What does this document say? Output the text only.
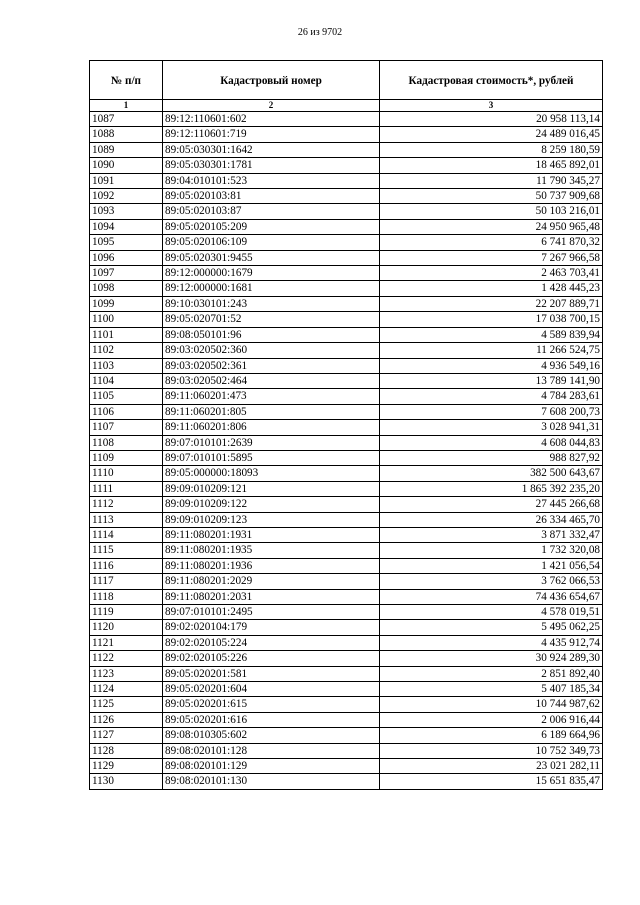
26 из 9702
№ п/п	Кадастровый номер	Кадастровая стоимость*, рублей
1	2	3
1087	89:12:110601:602	20 958 113,14
1088	89:12:110601:719	24 489 016,45
1089	89:05:030301:1642	8 259 180,59
1090	89:05:030301:1781	18 465 892,01
1091	89:04:010101:523	11 790 345,27
1092	89:05:020103:81	50 737 909,68
1093	89:05:020103:87	50 103 216,01
1094	89:05:020105:209	24 950 965,48
1095	89:05:020106:109	6 741 870,32
1096	89:05:020301:9455	7 267 966,58
1097	89:12:000000:1679	2 463 703,41
1098	89:12:000000:1681	1 428 445,23
1099	89:10:030101:243	22 207 889,71
1100	89:05:020701:52	17 038 700,15
1101	89:08:050101:96	4 589 839,94
1102	89:03:020502:360	11 266 524,75
1103	89:03:020502:361	4 936 549,16
1104	89:03:020502:464	13 789 141,90
1105	89:11:060201:473	4 784 283,61
1106	89:11:060201:805	7 608 200,73
1107	89:11:060201:806	3 028 941,31
1108	89:07:010101:2639	4 608 044,83
1109	89:07:010101:5895	988 827,92
1110	89:05:000000:18093	382 500 643,67
1111	89:09:010209:121	1 865 392 235,20
1112	89:09:010209:122	27 445 266,68
1113	89:09:010209:123	26 334 465,70
1114	89:11:080201:1931	3 871 332,47
1115	89:11:080201:1935	1 732 320,08
1116	89:11:080201:1936	1 421 056,54
1117	89:11:080201:2029	3 762 066,53
1118	89:11:080201:2031	74 436 654,67
1119	89:07:010101:2495	4 578 019,51
1120	89:02:020104:179	5 495 062,25
1121	89:02:020105:224	4 435 912,74
1122	89:02:020105:226	30 924 289,30
1123	89:05:020201:581	2 851 892,40
1124	89:05:020201:604	5 407 185,34
1125	89:05:020201:615	10 744 987,62
1126	89:05:020201:616	2 006 916,44
1127	89:08:010305:602	6 189 664,96
1128	89:08:020101:128	10 752 349,73
1129	89:08:020101:129	23 021 282,11
1130	89:08:020101:130	15 651 835,47
